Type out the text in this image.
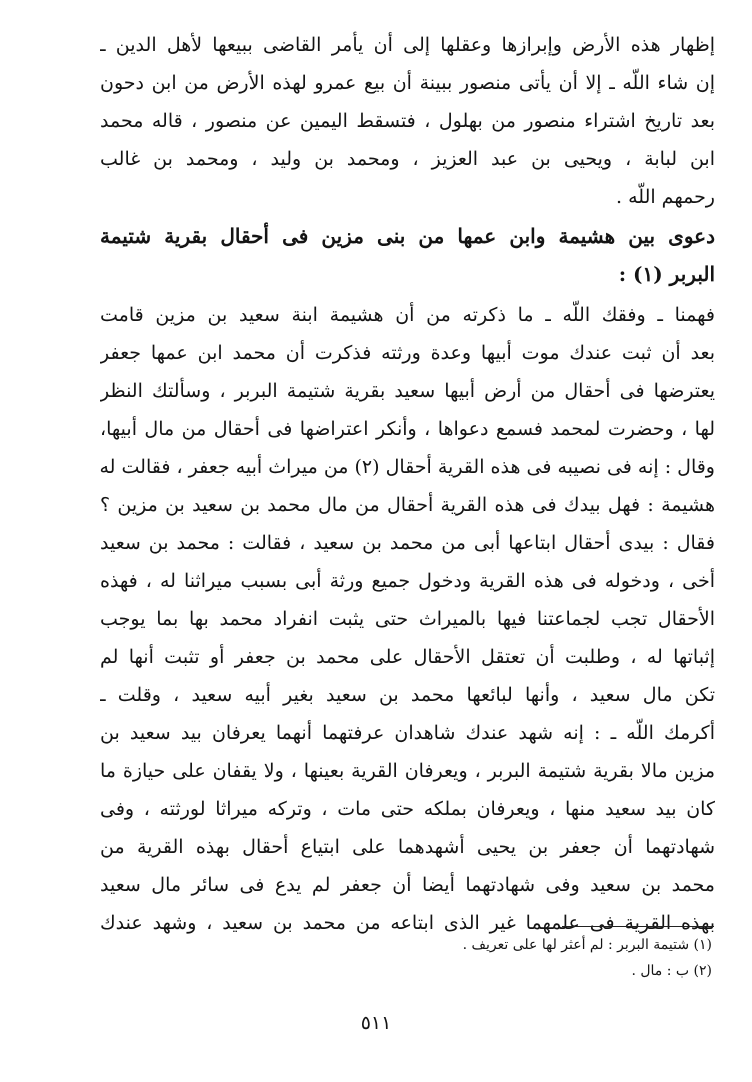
إظهار هذه الأرض وإبرازها وعقلها إلى أن يأمر القاضى ببيعها لأهل الدين ـ
إن شاء اللّه ـ إلا أن يأتى منصور ببينة أن بيع عمرو لهذه الأرض من ابن دحون
بعد تاريخ اشتراء منصور من بهلول ، فتسقط اليمين عن منصور ، قاله محمد
ابن لبابة ، ويحيى بن عبد العزيز ، ومحمد بن وليد ، ومحمد بن غالب
رحمهم اللّه .
دعوى بين هشيمة وابن عمها من بنى مزين فى أحقال بقرية شتيمة
البربر (١) :
فهمنا ـ وفقك اللّه ـ ما ذكرته من أن هشيمة ابنة سعيد بن مزين قامت
بعد أن ثبت عندك موت أبيها وعدة ورثته فذكرت أن محمد ابن عمها جعفر
يعترضها فى أحقال من أرض أبيها سعيد بقرية شتيمة البربر ، وسألتك النظر
لها ، وحضرت لمحمد فسمع دعواها ، وأنكر اعتراضها فى أحقال من مال أبيها،
وقال : إنه فى نصيبه فى هذه القرية أحقال (٢) من ميراث أبيه جعفر ، فقالت له
هشيمة : فهل بيدك فى هذه القرية أحقال من مال محمد بن سعيد بن مزين ؟
فقال : بيدى أحقال ابتاعها أبى من محمد بن سعيد ، فقالت : محمد بن سعيد
أخى ، ودخوله فى هذه القرية ودخول جميع ورثة أبى بسبب ميراثنا له ، فهذه
الأحقال تجب لجماعتنا فيها بالميراث حتى يثبت انفراد محمد بها بما يوجب
إثباتها له ، وطلبت أن تعتقل الأحقال على محمد بن جعفر أو تثبت أنها لم
تكن مال سعيد ، وأنها لبائعها محمد بن سعيد بغير أبيه سعيد ، وقلت ـ
أكرمك اللّه ـ : إنه شهد عندك شاهدان عرفتهما أنهما يعرفان بيد سعيد بن
مزين مالا بقرية شتيمة البربر ، ويعرفان القرية بعينها ، ولا يقفان على حيازة ما
كان بيد سعيد منها ، ويعرفان بملكه حتى مات ، وتركه ميراثا لورثته ، وفى
شهادتهما أن جعفر بن يحيى أشهدهما على ابتياع أحقال بهذه القرية من
محمد بن سعيد وفى شهادتهما أيضا أن جعفر لم يدع فى سائر مال سعيد
بهذه القرية فى علمهما غير الذى ابتاعه من محمد بن سعيد ، وشهد عندك
(١) شتيمة البربر : لم أعثر لها على تعريف .
(٢) ب : مال .
٥١١
